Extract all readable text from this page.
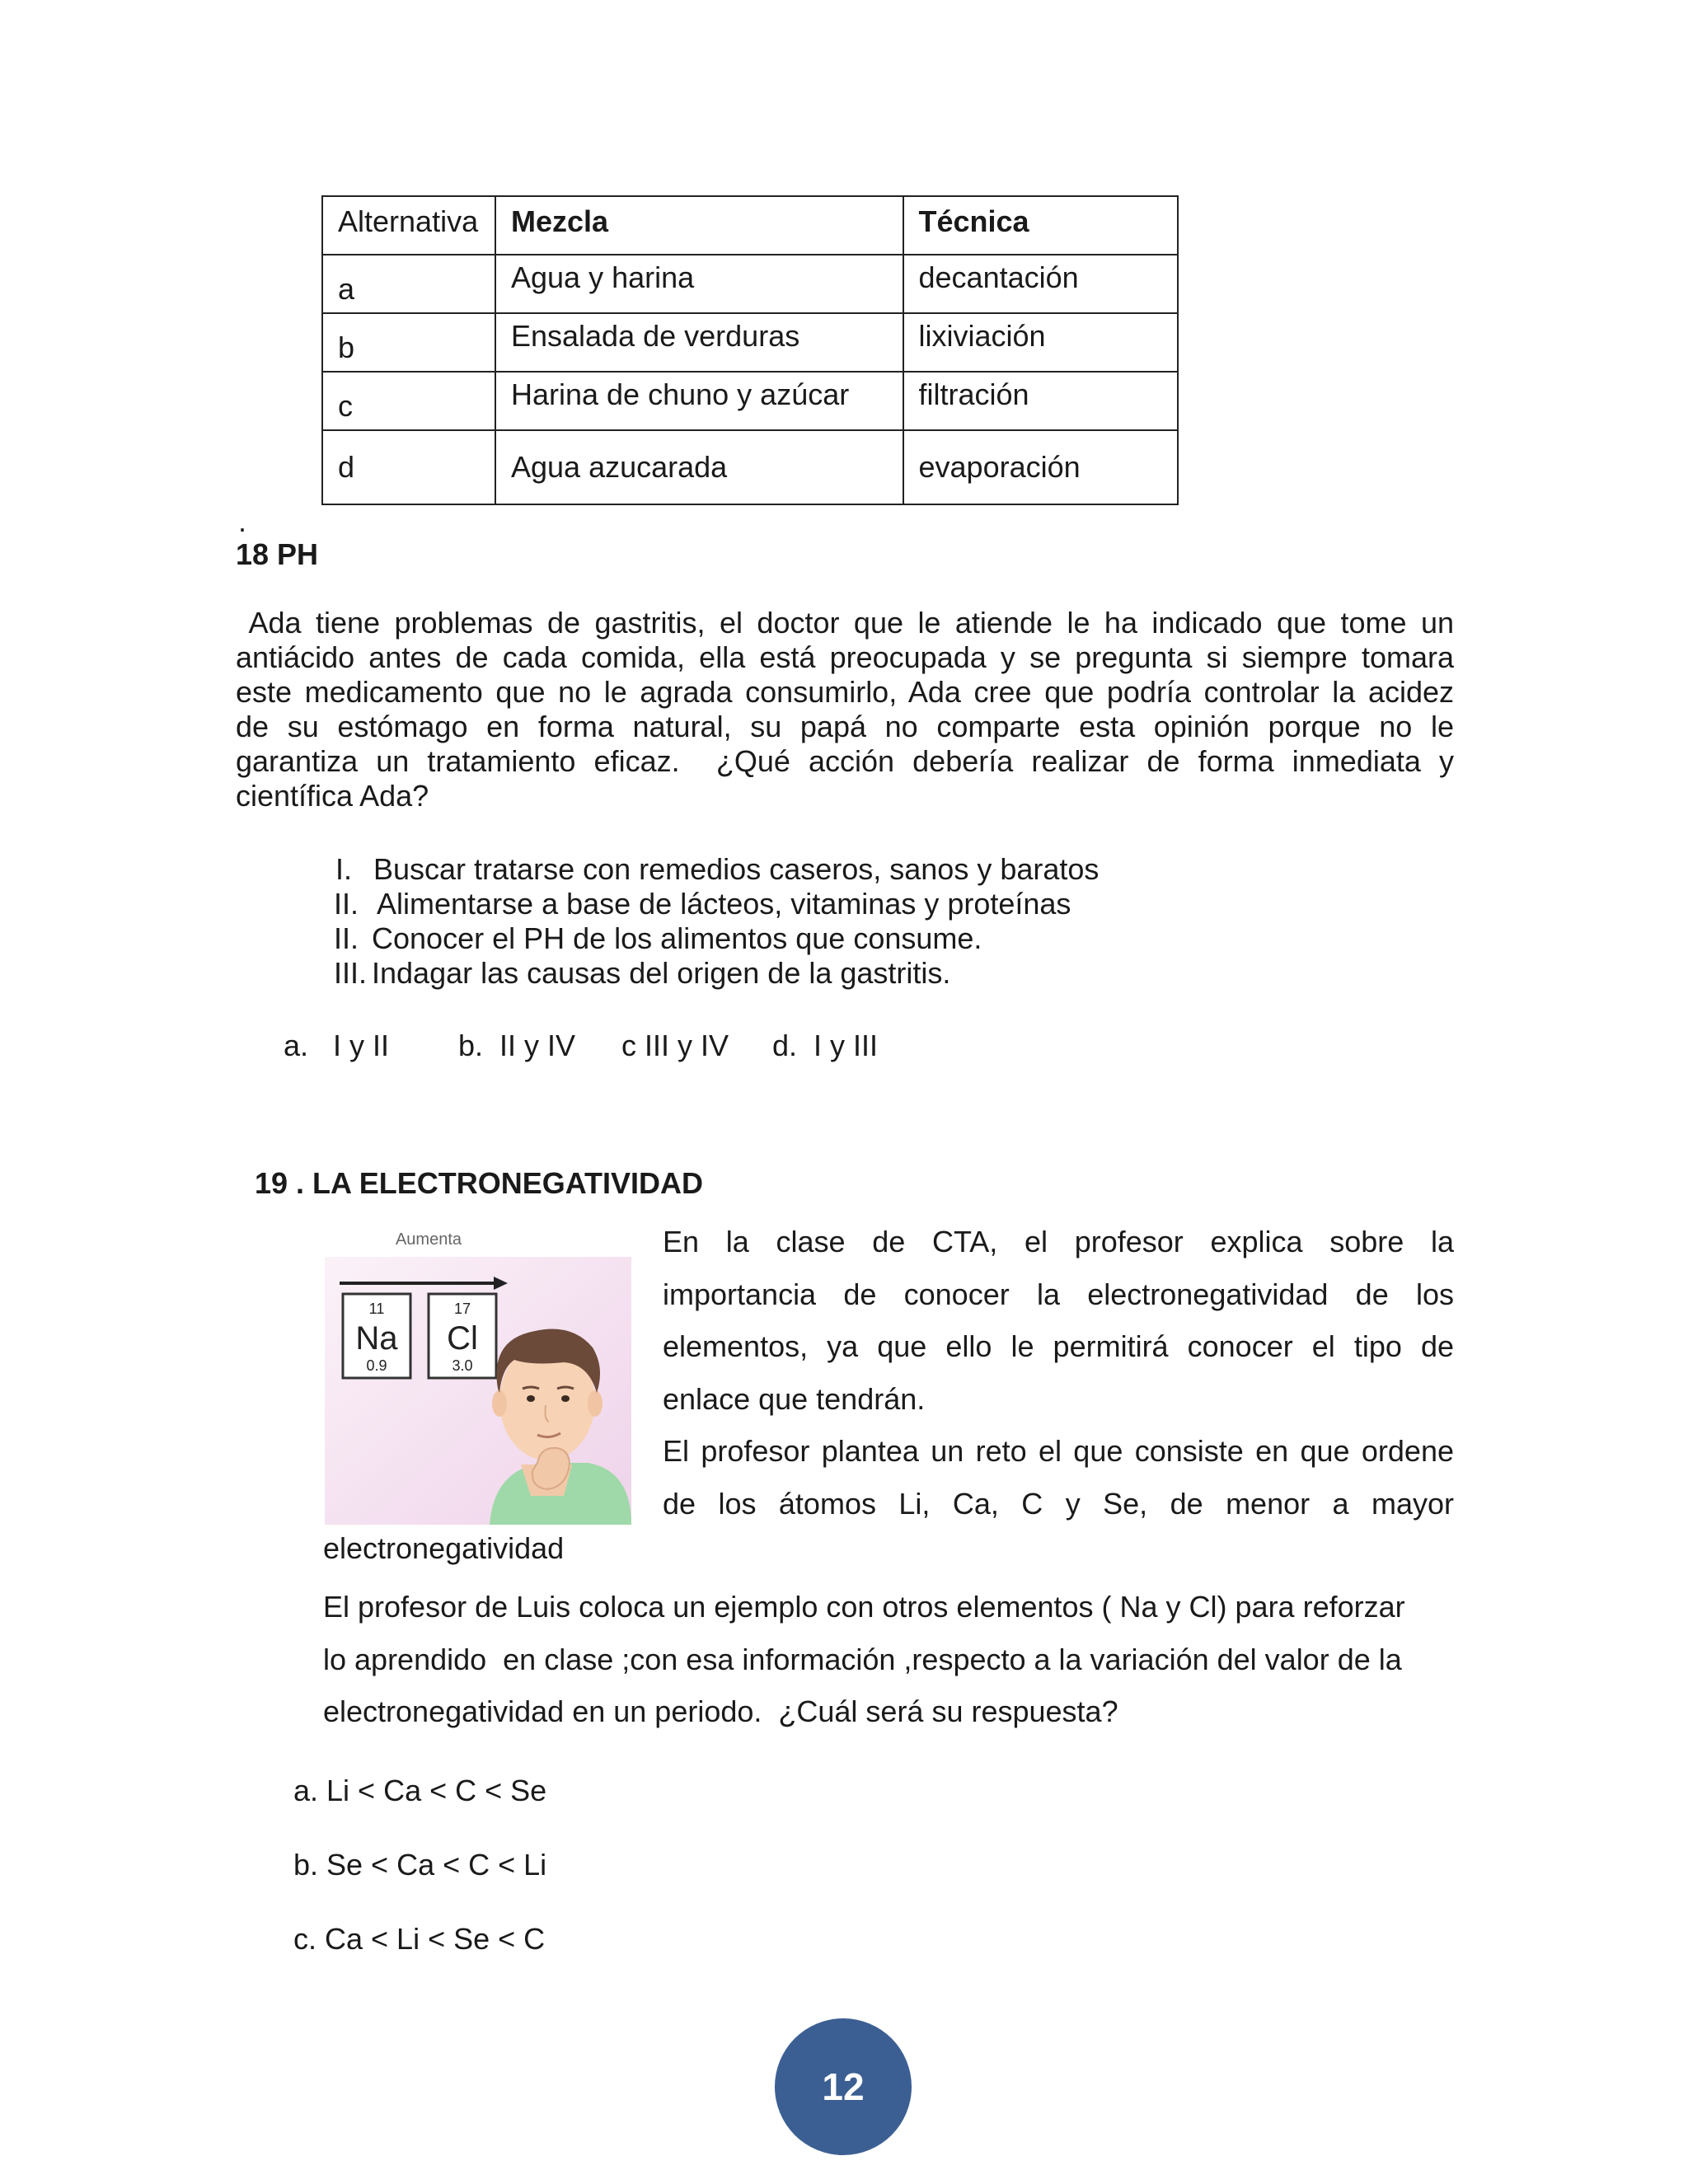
Alternativa	Mezcla	Técnica

a	Agua y harina	decantación

b	Ensalada de verduras	lixiviación

c	Harina de chuno y azúcar	filtración
d	Agua azucarada	evaporación
.
18 PH
Ada tiene problemas de gastritis, el doctor que le atiende le ha indicado que tome un
antiácido antes de cada comida, ella está preocupada y se pregunta si siempre tomara
este medicamento que no le agrada consumirlo, Ada cree que podría controlar la acidez
de su estómago en forma natural, su papá no comparte esta opinión porque no le
garantiza un tratamiento eficaz.  ¿Qué acción debería realizar de forma inmediata y
científica Ada?
I. Buscar tratarse con remedios caseros, sanos y baratos
II. Alimentarse a base de lácteos, vitaminas y proteínas
II. Conocer el PH de los alimentos que consume.
III. Indagar las causas del origen de la gastritis.
a.   I y II b.  II y IV c III y IV d.  I y III
19 . LA ELECTRONEGATIVIDAD
Aumenta
11
Na
0.9
17
Cl
3.0
En la clase de CTA, el profesor explica sobre la
importancia de conocer la electronegatividad de los
elementos, ya que ello le permitirá conocer el tipo de
enlace que tendrán.
El profesor plantea un reto el que consiste en que ordene
de los átomos Li, Ca, C y Se, de menor a mayor
electronegatividad
El profesor de Luis coloca un ejemplo con otros elementos ( Na y Cl) para reforzar
lo aprendido  en clase ;con esa información ,respecto a la variación del valor de la
electronegatividad en un periodo.  ¿Cuál será su respuesta?
a. Li < Ca < C < Se
b. Se < Ca < C < Li
c. Ca < Li < Se < C
12
